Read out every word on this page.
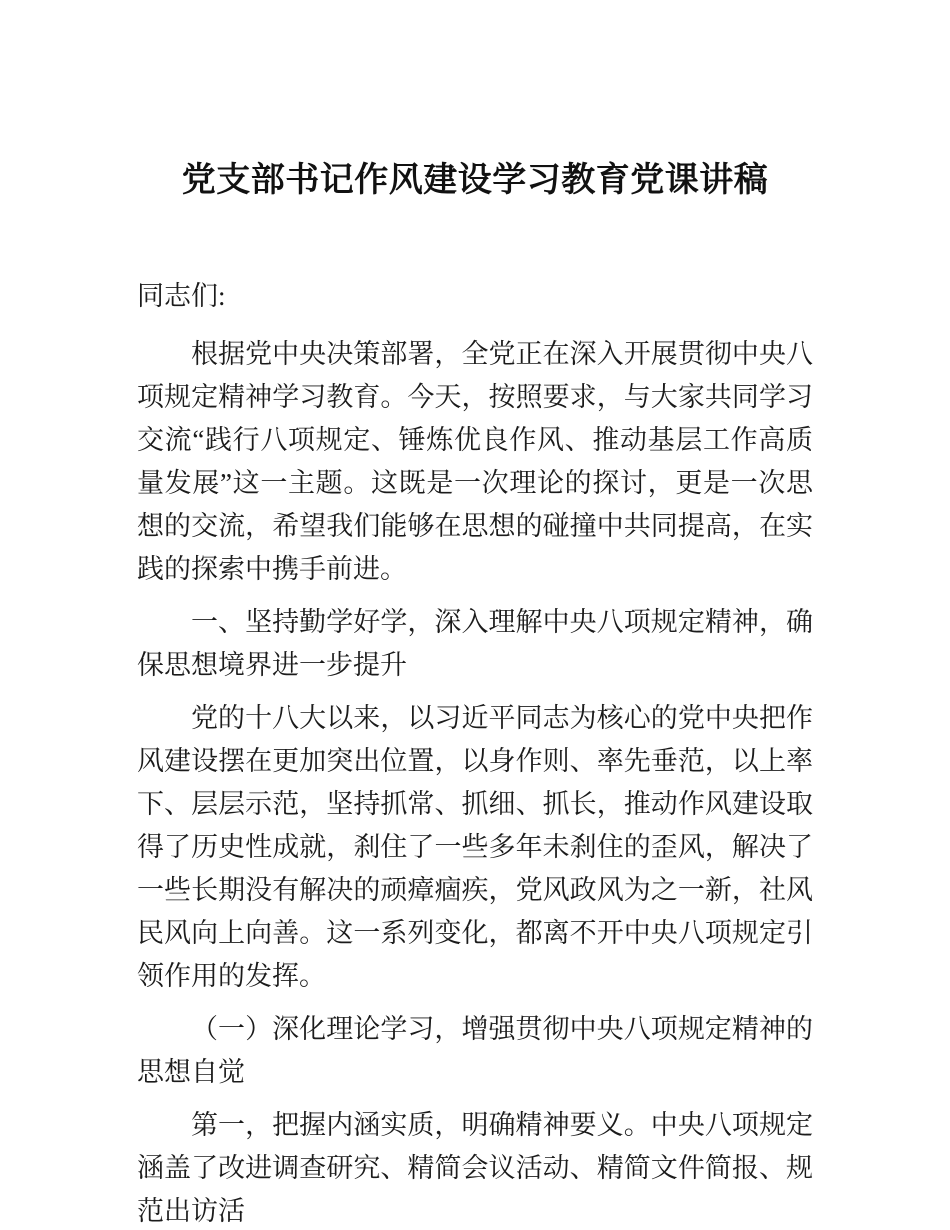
党支部书记作风建设学习教育党课讲稿

同志们:

根据党中央决策部署，全党正在深入开展贯彻中央八项规定精神学习教育。今天，按照要求，与大家共同学习交流“践行八项规定、锤炼优良作风、推动基层工作高质量发展”这一主题。这既是一次理论的探讨，更是一次思想的交流，希望我们能够在思想的碰撞中共同提高，在实践的探索中携手前进。

一、坚持勤学好学，深入理解中央八项规定精神，确保思想境界进一步提升

党的十八大以来，以习近平同志为核心的党中央把作风建设摆在更加突出位置，以身作则、率先垂范，以上率下、层层示范，坚持抓常、抓细、抓长，推动作风建设取得了历史性成就，刹住了一些多年未刹住的歪风，解决了一些长期没有解决的顽瘴痼疾，党风政风为之一新，社风民风向上向善。这一系列变化，都离不开中央八项规定引领作用的发挥。

（一）深化理论学习，增强贯彻中央八项规定精神的思想自觉

第一，把握内涵实质，明确精神要义。中央八项规定涵盖了改进调查研究、精简会议活动、精简文件简报、规范出访活
